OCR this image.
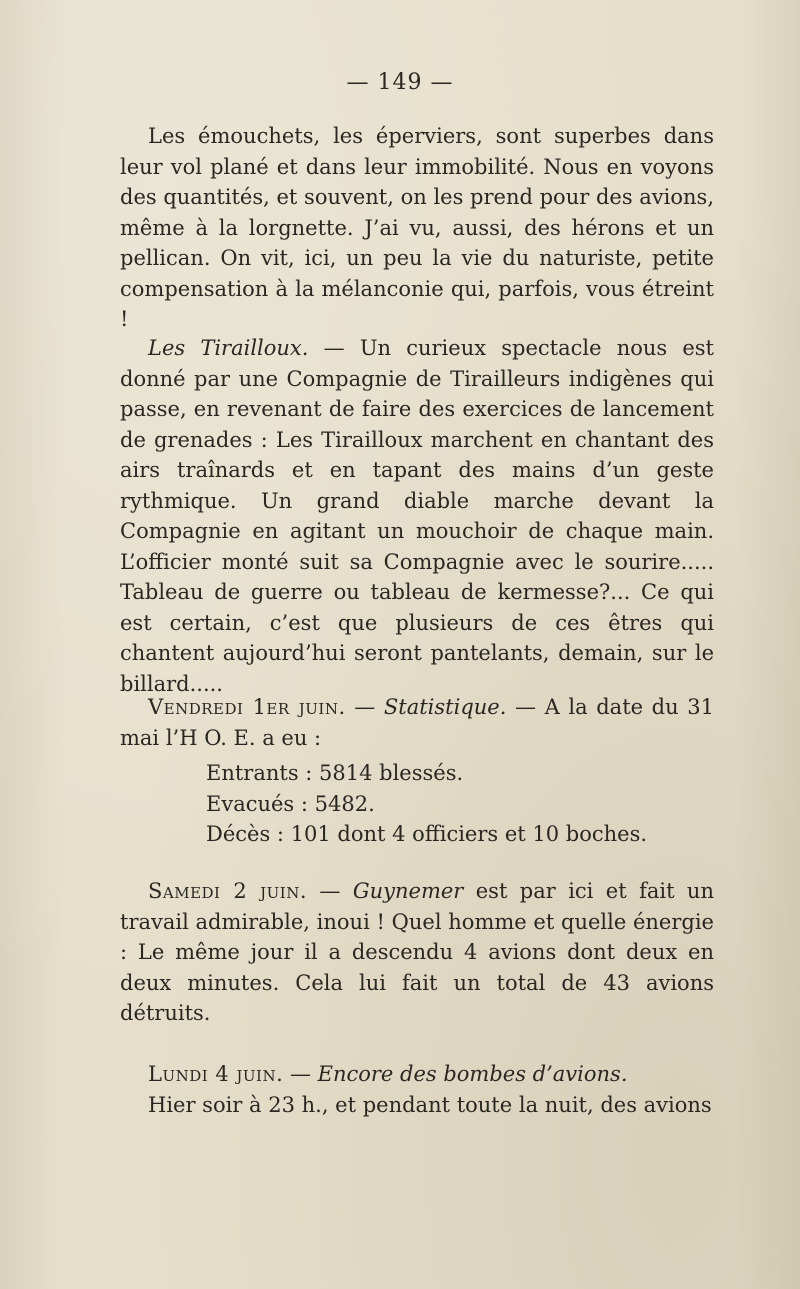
— 149 —

Les émouchets, les éperviers, sont superbes dans leur vol plané et dans leur immobilité. Nous en voyons des quantités, et souvent, on les prend pour des avions, même à la lorgnette. J’ai vu, aussi, des hérons et un pellican. On vit, ici, un peu la vie du naturiste, petite compensation à la mélanconie qui, parfois, vous étreint !

Les Tirailloux. — Un curieux spectacle nous est donné par une Compagnie de Tirailleurs indigènes qui passe, en revenant de faire des exercices de lancement de grenades : Les Tirailloux marchent en chantant des airs traînards et en tapant des mains d’un geste rythmique. Un grand diable marche devant la Compagnie en agitant un mouchoir de chaque main. L’officier monté suit sa Compagnie avec le sourire..... Tableau de guerre ou tableau de kermesse?... Ce qui est certain, c’est que plusieurs de ces êtres qui chantent aujourd’hui seront pantelants, demain, sur le billard.....

Vendredi 1er juin. — Statistique. — A la date du 31 mai l’H O. E. a eu :

Entrants : 5814 blessés.
Evacués : 5482.
Décès : 101 dont 4 officiers et 10 boches.

Samedi 2 juin. — Guynemer est par ici et fait un travail admirable, inoui ! Quel homme et quelle énergie : Le même jour il a descendu 4 avions dont deux en deux minutes. Cela lui fait un total de 43 avions détruits.

Lundi 4 juin. — Encore des bombes d’avions.

Hier soir à 23 h., et pendant toute la nuit, des avions
